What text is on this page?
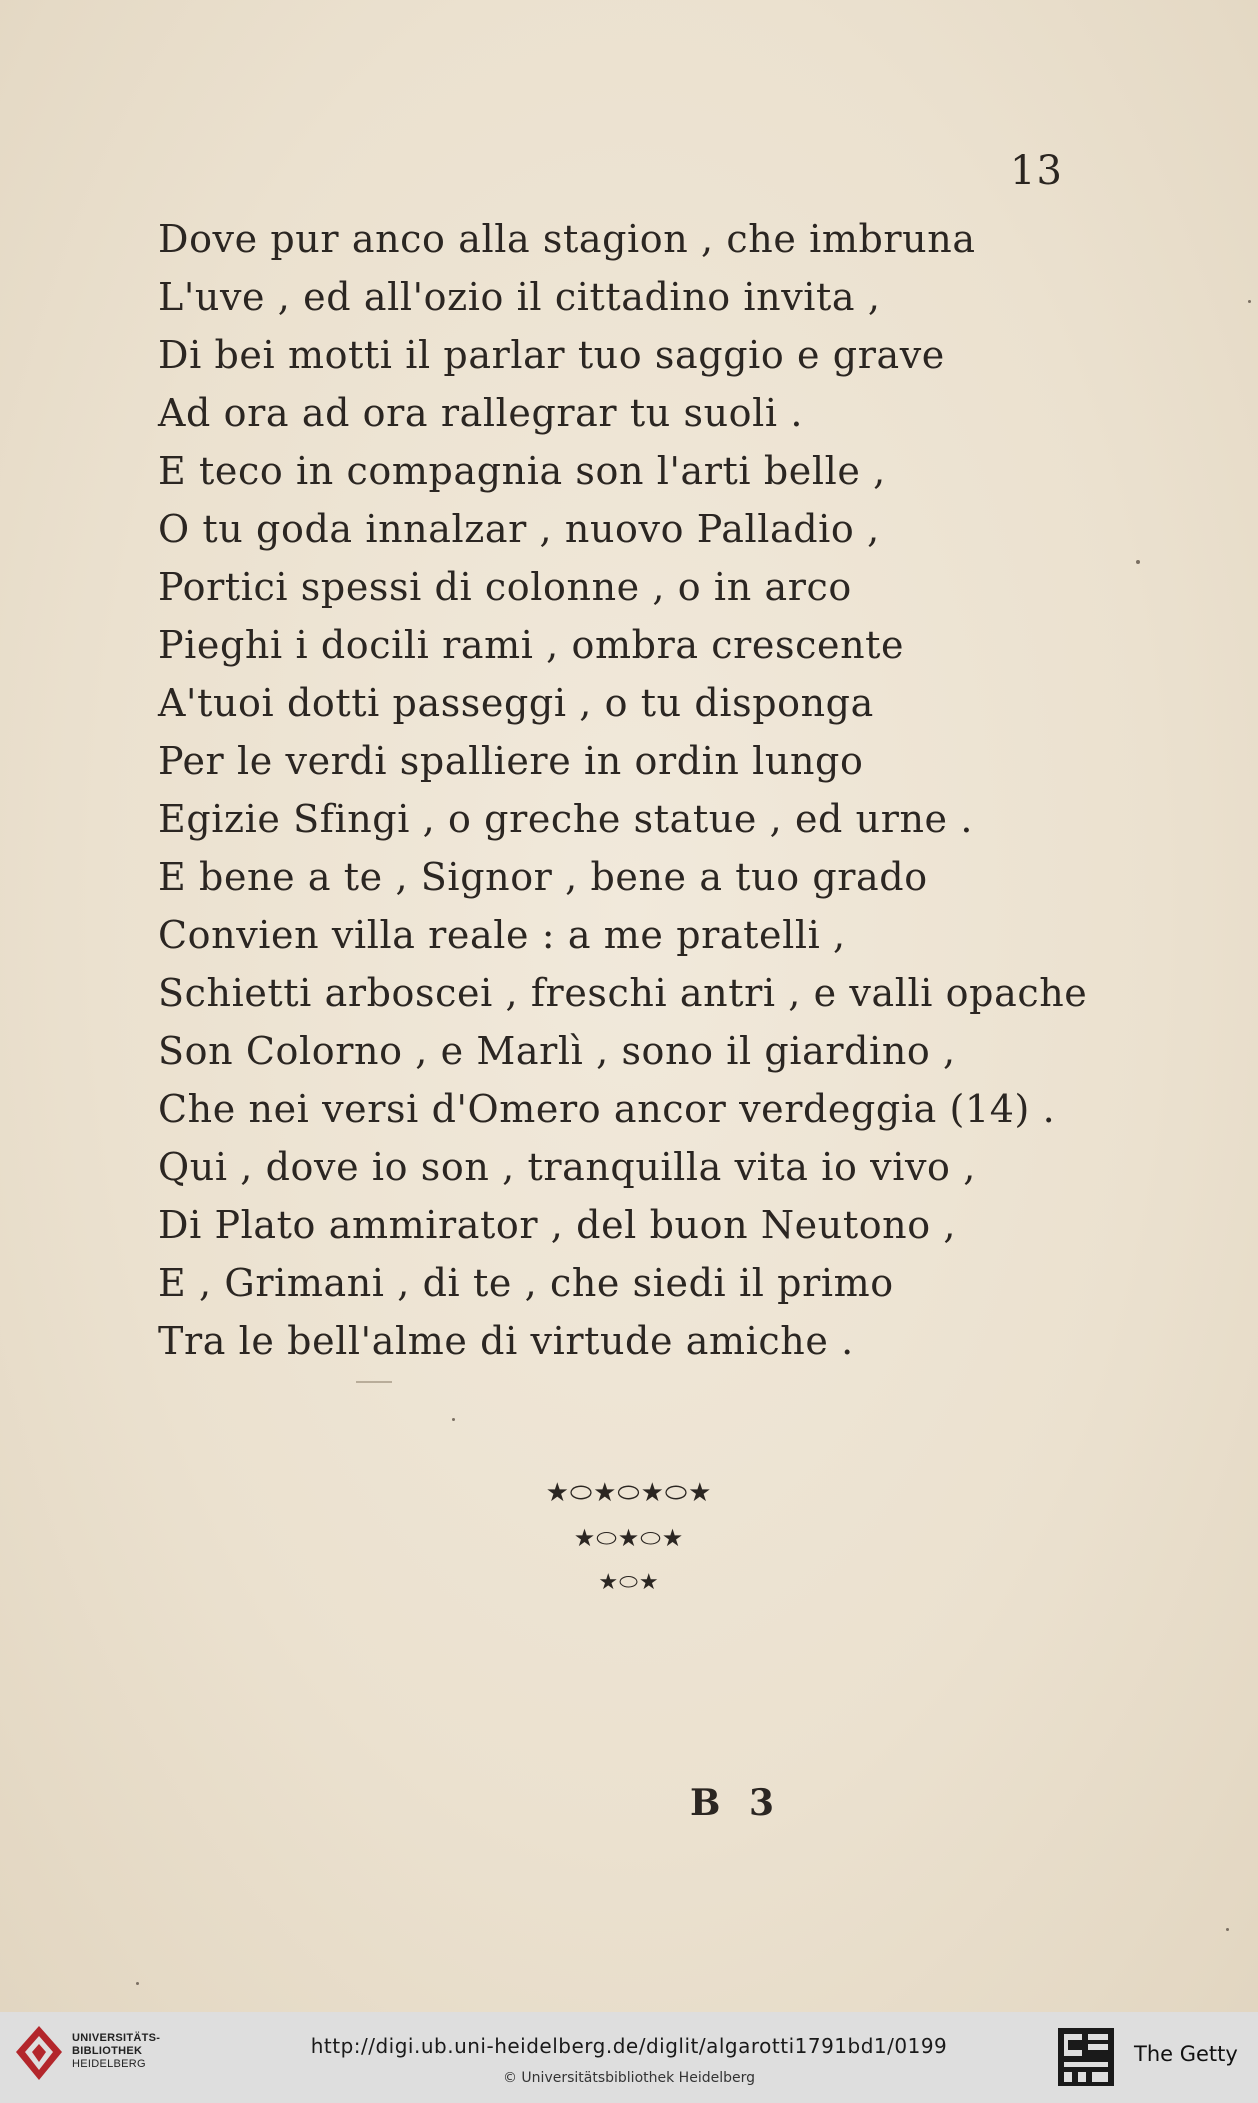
13
Dove pur anco alla stagion , che imbruna
L'uve , ed all'ozio il cittadino invita ,
Di bei motti il parlar tuo saggio e grave
Ad ora ad ora rallegrar tu suoli .
E teco in compagnia son l'arti belle ,
O tu goda innalzar , nuovo Palladio ,
Portici spessi di colonne , o in arco
Pieghi i docili rami , ombra crescente
A'tuoi dotti passeggi , o tu disponga
Per le verdi spalliere in ordin lungo
Egizie Sfingi , o greche statue , ed urne .
E bene a te , Signor , bene a tuo grado
Convien villa reale : a me pratelli ,
Schietti arboscei , freschi antri , e valli opache
Son Colorno , e Marlì , sono il giardino ,
Che nei versi d'Omero ancor verdeggia (14) .
Qui , dove io son , tranquilla vita io vivo ,
Di Plato ammirator , del buon Neutono ,
E , Grimani , di te , che siedi il primo
Tra le bell'alme di virtude amiche .
★⬭★⬭★⬭★
★⬭★⬭★
★⬭★
B 3
UNIVERSITÄTS-
BIBLIOTHEK
HEIDELBERG
http://digi.ub.uni-heidelberg.de/diglit/algarotti1791bd1/0199
© Universitätsbibliothek Heidelberg
The Getty
